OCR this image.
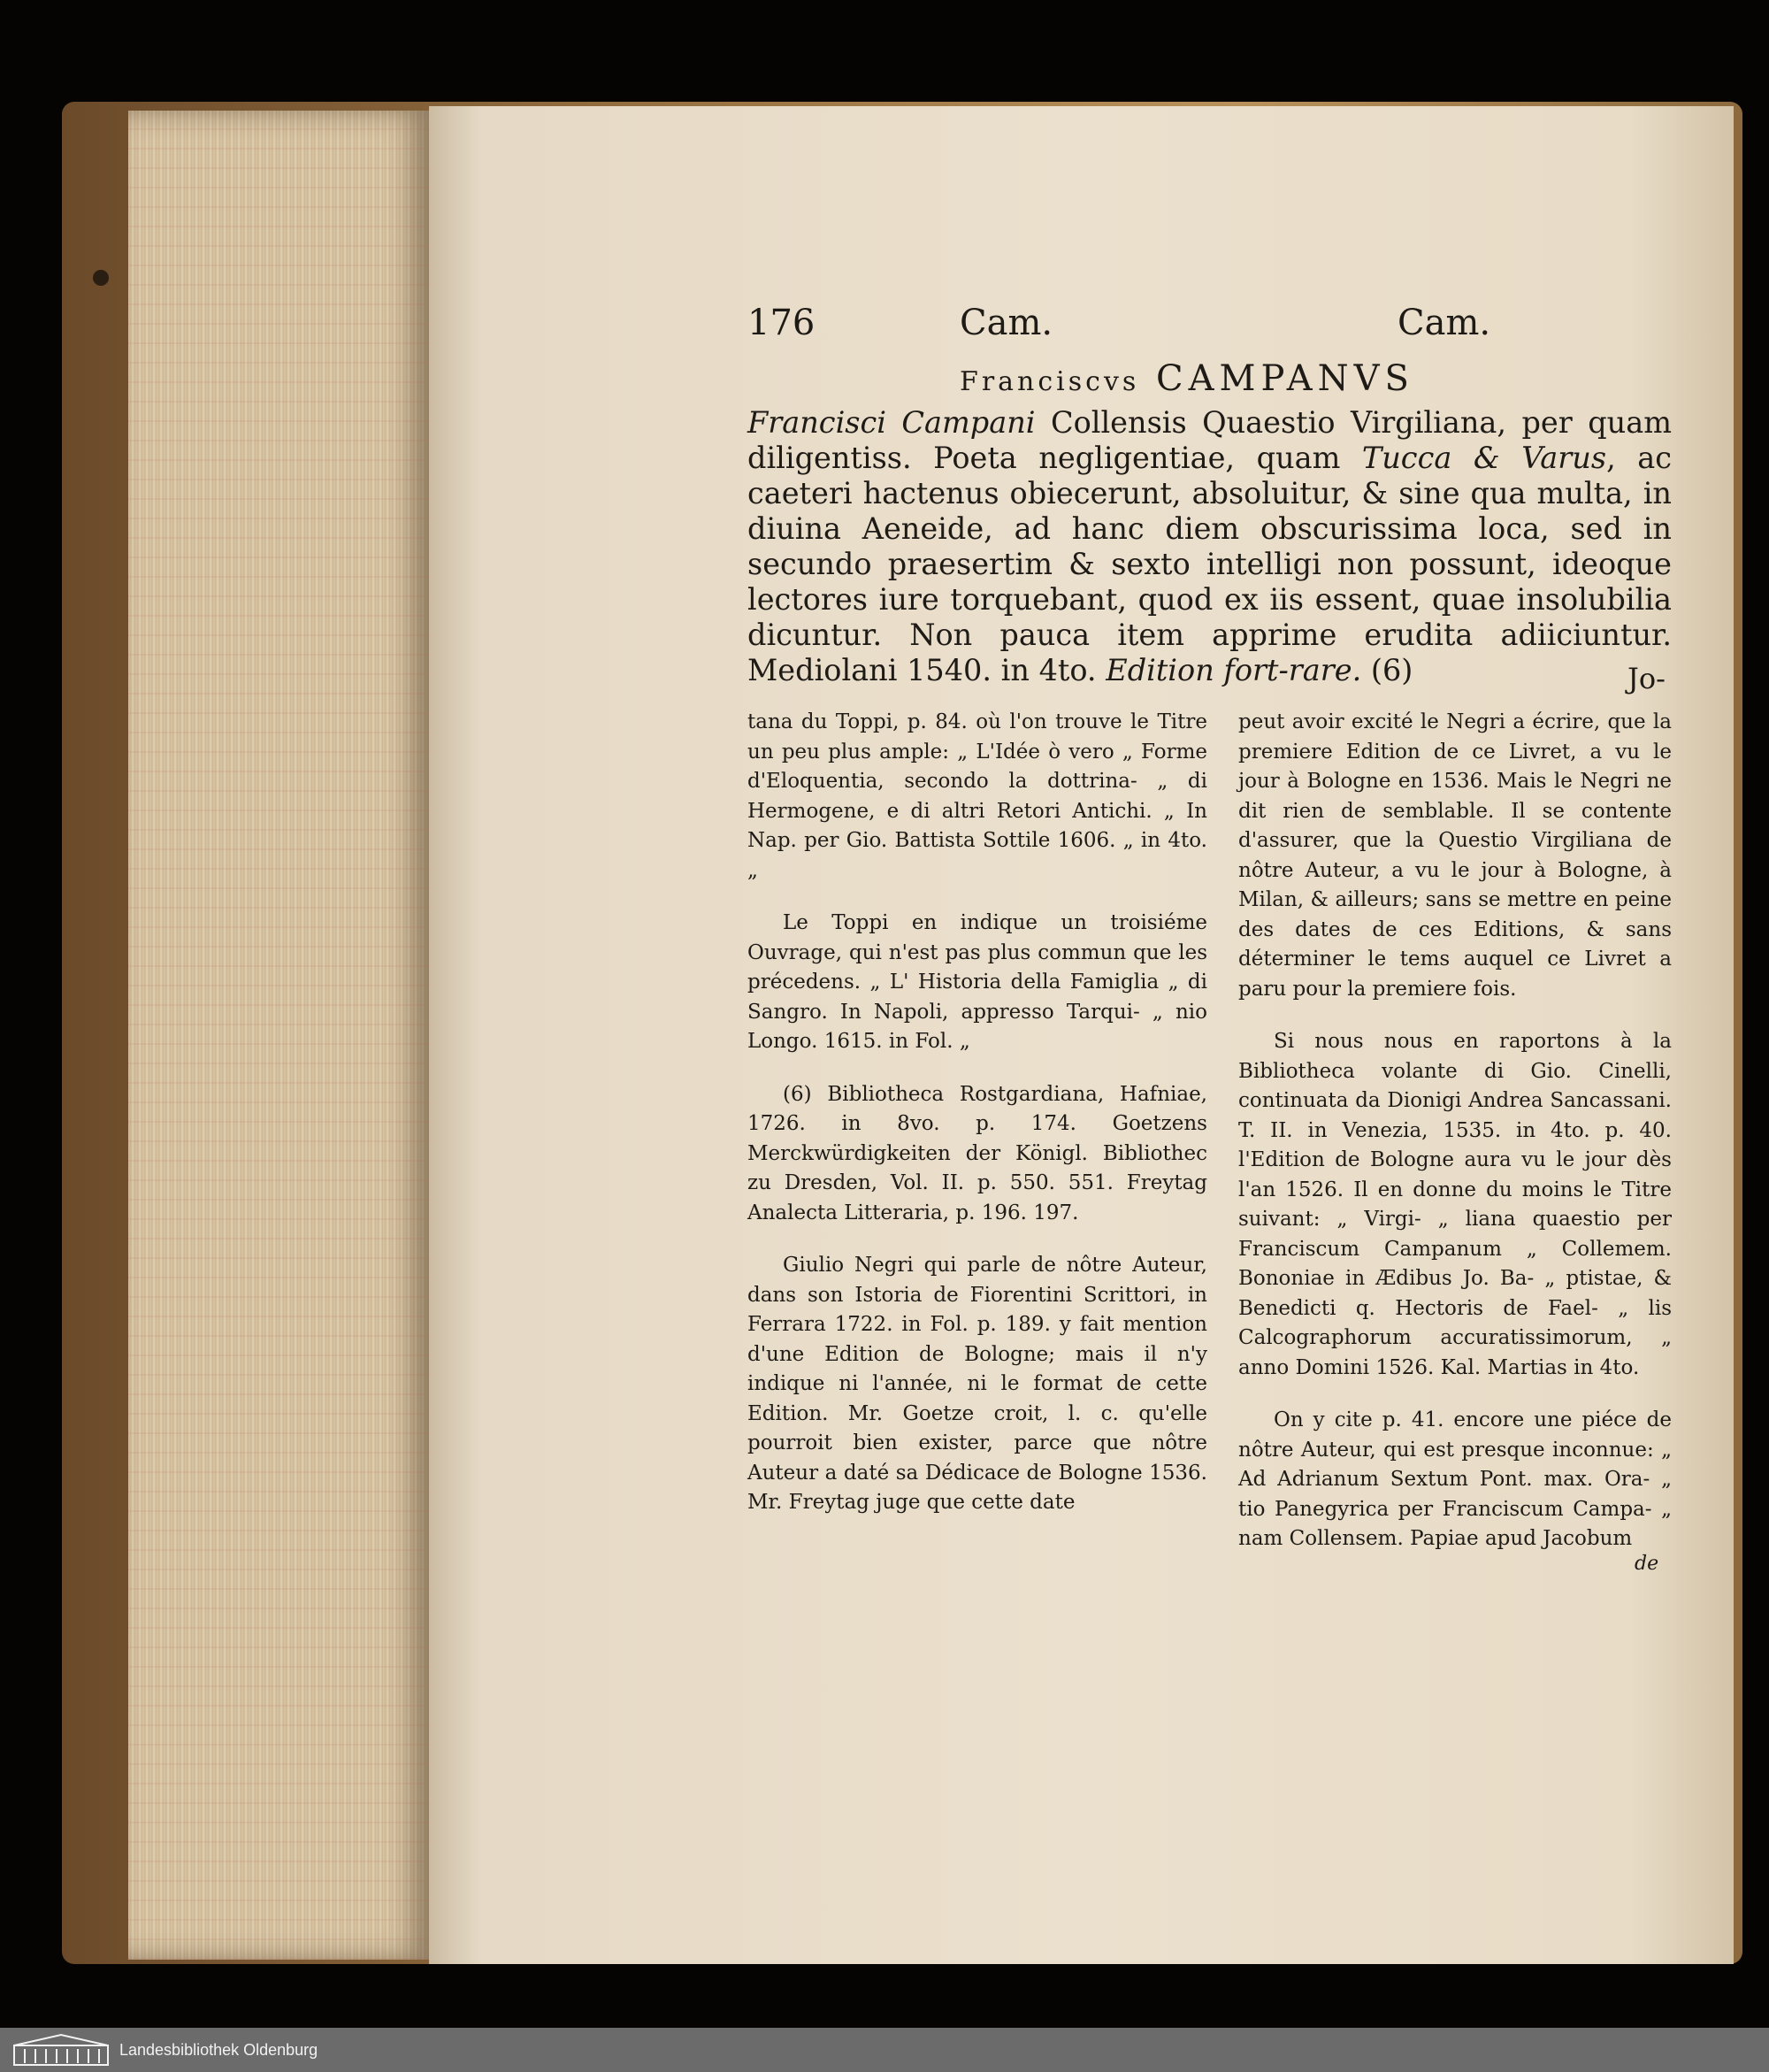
176	Cam.	Cam.
Franciscvs CAMPANVS

Francisci Campani Collensis Quaestio Virgiliana, per quam diligentiss. Poeta negligentiae, quam Tucca & Varus, ac caeteri hactenus obiecerunt, absoluitur, & sine qua multa, in diuina Aeneide, ad hanc diem obscurissima loca, sed in secundo praesertim & sexto intelligi non possunt, ideoque lectores iure torquebant, quod ex iis essent, quae insolubilia dicuntur. Non pauca item apprime erudita adiiciuntur. Mediolani 1540. in 4to. Edition fort-rare. (6)	Jo-

tana du Toppi, p. 84. où l'on trouve le Titre un peu plus ample: „ L'Idée ò vero „ Forme d'Eloquentia, secondo la dottrina- „ di Hermogene, e di altri Retori Antichi. „ In Nap. per Gio. Battista Sottile 1606. „ in 4to. „

Le Toppi en indique un troisiéme Ouvrage, qui n'est pas plus commun que les précedens. „ L' Historia della Famiglia „ di Sangro. In Napoli, appresso Tarqui- „ nio Longo. 1615. in Fol. „

(6) Bibliotheca Rostgardiana, Hafniae, 1726. in 8vo. p. 174. Goetzens Merckwürdigkeiten der Königl. Bibliothec zu Dresden, Vol. II. p. 550. 551. Freytag Analecta Litteraria, p. 196. 197.

Giulio Negri qui parle de nôtre Auteur, dans son Istoria de Fiorentini Scrittori, in Ferrara 1722. in Fol. p. 189. y fait mention d'une Edition de Bologne; mais il n'y indique ni l'année, ni le format de cette Edition. Mr. Goetze croit, l. c. qu'elle pourroit bien exister, parce que nôtre Auteur a daté sa Dédicace de Bologne 1536. Mr. Freytag juge que cette date

peut avoir excité le Negri a écrire, que la premiere Edition de ce Livret, a vu le jour à Bologne en 1536. Mais le Negri ne dit rien de semblable. Il se contente d'assurer, que la Questio Virgiliana de nôtre Auteur, a vu le jour à Bologne, à Milan, & ailleurs; sans se mettre en peine des dates de ces Editions, & sans déterminer le tems auquel ce Livret a paru pour la premiere fois.

Si nous nous en raportons à la Bibliotheca volante di Gio. Cinelli, continuata da Dionigi Andrea Sancassani. T. II. in Venezia, 1535. in 4to. p. 40. l'Edition de Bologne aura vu le jour dès l'an 1526. Il en donne du moins le Titre suivant: „ Virgi- „ liana quaestio per Franciscum Campanum „ Collemem. Bononiae in Ædibus Jo. Ba- „ ptistae, & Benedicti q. Hectoris de Fael- „ lis Calcographorum accuratissimorum, „ anno Domini 1526. Kal. Martias in 4to.

On y cite p. 41. encore une piéce de nôtre Auteur, qui est presque inconnue: „ Ad Adrianum Sextum Pont. max. Ora- „ tio Panegyrica per Franciscum Campa- „ nam Collensem. Papiae apud Jacobum

de
Landesbibliothek Oldenburg
